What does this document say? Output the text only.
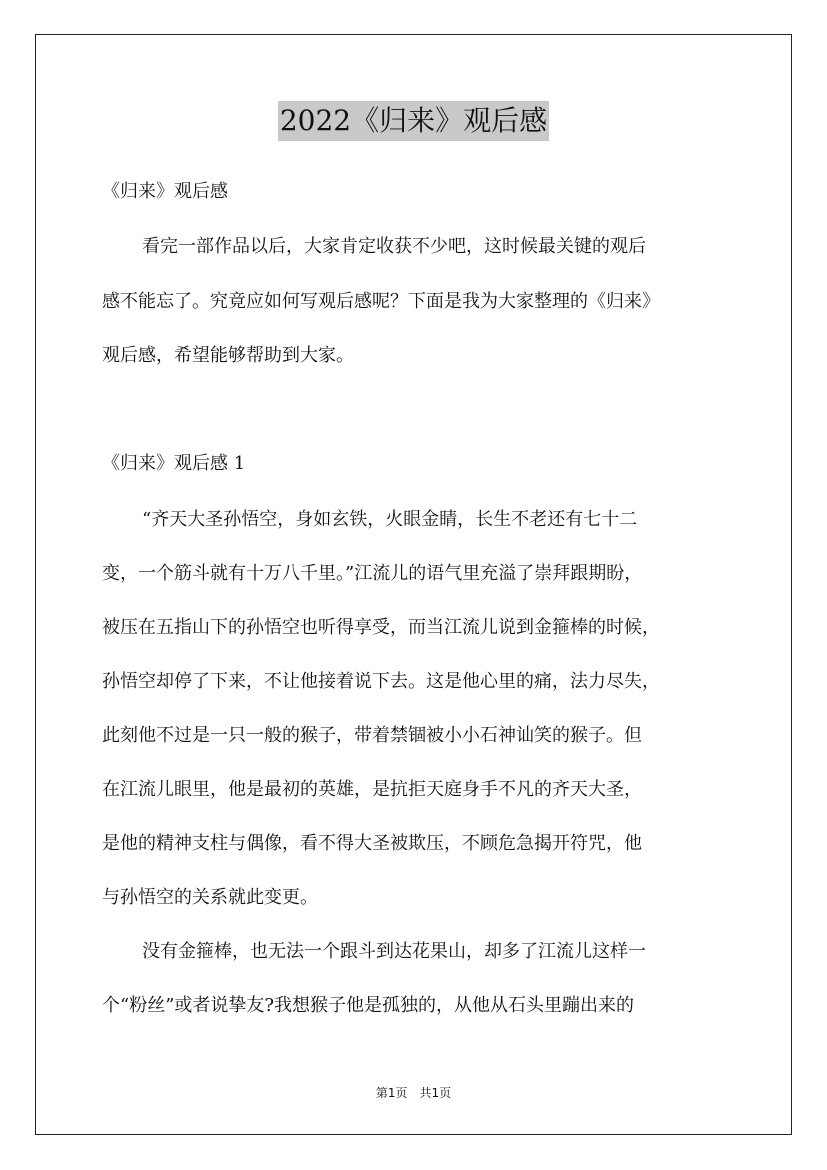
2022《归来》观后感
《归来》观后感
看完一部作品以后，大家肯定收获不少吧，这时候最关键的观后
感不能忘了。究竟应如何写观后感呢？下面是我为大家整理的《归来》
观后感，希望能够帮助到大家。
《归来》观后感 1
“齐天大圣孙悟空，身如玄铁，火眼金睛，长生不老还有七十二
变，一个筋斗就有十万八千里。”江流儿的语气里充溢了崇拜跟期盼，
被压在五指山下的孙悟空也听得享受，而当江流儿说到金箍棒的时候，
孙悟空却停了下来，不让他接着说下去。这是他心里的痛，法力尽失，
此刻他不过是一只一般的猴子，带着禁锢被小小石神讪笑的猴子。但
在江流儿眼里，他是最初的英雄，是抗拒天庭身手不凡的齐天大圣，
是他的精神支柱与偶像，看不得大圣被欺压，不顾危急揭开符咒，他
与孙悟空的关系就此变更。
没有金箍棒，也无法一个跟斗到达花果山，却多了江流儿这样一
个“粉丝”或者说挚友?我想猴子他是孤独的，从他从石头里蹦出来的
第1页　共1页
